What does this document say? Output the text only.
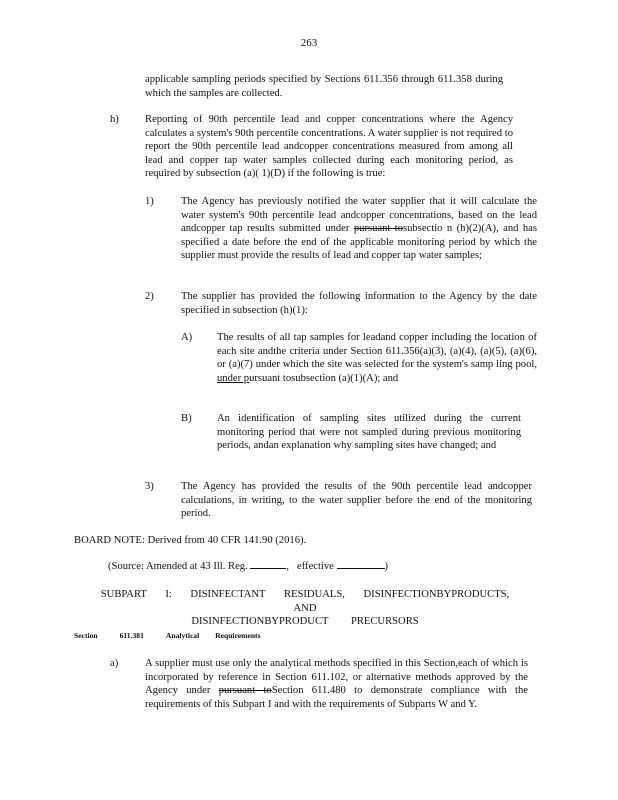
263

applicable sampling periods specified by Sections 611.356 through 611.358 during which the samples are collected.

h) Reporting of 90th percentile lead and copper concentrations where the Agency calculates a system's 90th percentile concentrations. A water supplier is not required to report the 90th percentile lead andcopper concentrations measured from among all lead and copper tap water samples collected during each monitoring period, as required by subsection (a)( 1)(D) if the following is true:

1)	The Agency has previously notified the water supplier that it will calculate the water system's 90th percentile lead andcopper concentrations, based on the lead andcopper tap results submitted under pursuant tosubsectio n (h)(2)(A), and has specified a date before the end of the applicable monitoring period by which the supplier must provide the results of lead and copper tap water samples;

2)	The supplier has provided the following information to the Agency by the date specified in subsection (h)(1):

A) The results of all tap samples for leadand copper including the location of each site andthe criteria under Section 611.356(a)(3), (a)(4), (a)(5), (a)(6), or (a)(7) under which the site was selected for the system's samp ling pool, under pursuant tosubsection (a)(1)(A); and

B) An identification of sampling sites utilized during the current monitoring period that were not sampled during previous monitoring periods, andan explanation why sampling sites have changed; and

3)	The Agency has provided the results of the 90th percentile lead andcopper calculations, in writing, to the water supplier before the end of the monitoring period.

BOARD NOTE: Derived from 40 CFR 141.90 (2016).

(Source: Amended at 43 Ill. Reg.	, effective	)

SUBPART I: DISINFECTANT RESIDUALS, DISINFECTIONBYPRODUCTS, AND
DISINFECTIONBYPRODUCT PRECURSORS

Section	611.381	Analytical Requirements

a)	A supplier must use only the analytical methods specified in this Section,each of which is incorporated by reference in Section 611.102, or alternative methods approved by the Agency under pursuant toSection 611.480 to demonstrate compliance with the requirements of this Subpart I and with the requirements of Subparts W and Y.
